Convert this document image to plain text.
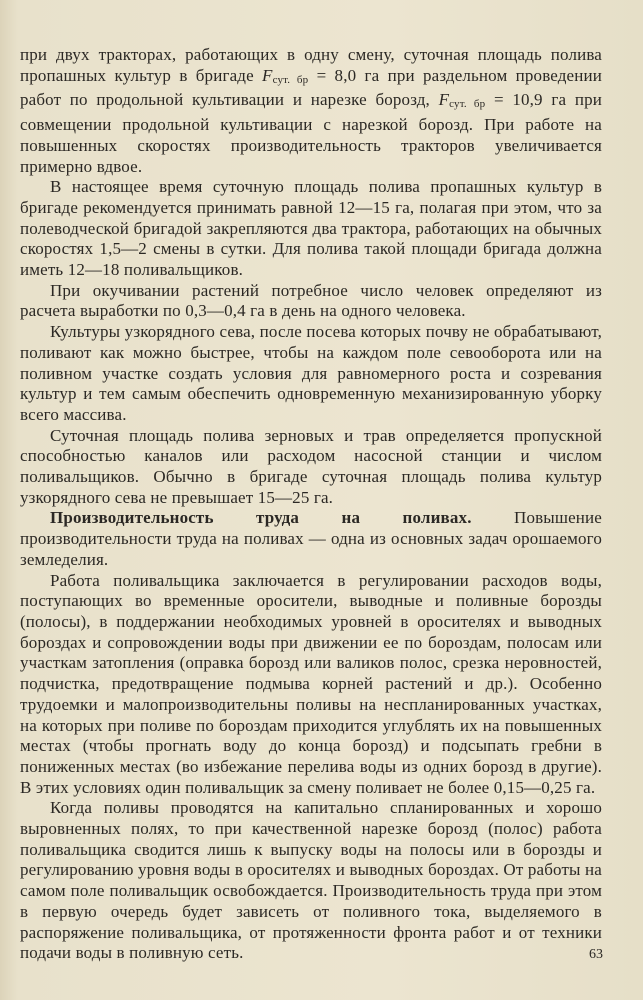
при двух тракторах, работающих в одну смену, суточная площадь полива пропашных культур в бригаде $F_{сут. бр} = 8,0$ га при раздельном проведении работ по продольной культивации и нарезке борозд, $F_{сут. бр} = 10,9$ га при совмещении продольной культивации с нарезкой борозд. При работе на повышенных скоростях производительность тракторов увеличивается примерно вдвое.

В настоящее время суточную площадь полива пропашных культур в бригаде рекомендуется принимать равной 12—15 га, полагая при этом, что за полеводческой бригадой закрепляются два трактора, работающих на обычных скоростях 1,5—2 смены в сутки. Для полива такой площади бригада должна иметь 12—18 поливальщиков.

При окучивании растений потребное число человек определяют из расчета выработки по 0,3—0,4 га в день на одного человека.

Культуры узкорядного сева, после посева которых почву не обрабатывают, поливают как можно быстрее, чтобы на каждом поле севооборота или на поливном участке создать условия для равномерного роста и созревания культур и тем самым обеспечить одновременную механизированную уборку всего массива.

Суточная площадь полива зерновых и трав определяется пропускной способностью каналов или расходом насосной станции и числом поливальщиков. Обычно в бригаде суточная площадь полива культур узкорядного сева не превышает 15—25 га.

Производительность труда на поливах. Повышение производительности труда на поливах — одна из основных задач орошаемого земледелия.

Работа поливальщика заключается в регулировании расходов воды, поступающих во временные оросители, выводные и поливные борозды (полосы), в поддержании необходимых уровней в оросителях и выводных бороздах и сопровождении воды при движении ее по бороздам, полосам или участкам затопления (оправка борозд или валиков полос, срезка неровностей, подчистка, предотвращение подмыва корней растений и др.). Особенно трудоемки и малопроизводительны поливы на неспланированных участках, на которых при поливе по бороздам приходится углублять их на повышенных местах (чтобы прогнать воду до конца борозд) и подсыпать гребни в пониженных местах (во избежание перелива воды из одних борозд в другие). В этих условиях один поливальщик за смену поливает не более 0,15—0,25 га.

Когда поливы проводятся на капитально спланированных и хорошо выровненных полях, то при качественной нарезке борозд (полос) работа поливальщика сводится лишь к выпуску воды на полосы или в борозды и регулированию уровня воды в оросителях и выводных бороздах. От работы на самом поле поливальщик освобождается. Производительность труда при этом в первую очередь будет зависеть от поливного тока, выделяемого в распоряжение поливальщика, от протяженности фронта работ и от техники подачи воды в поливную сеть.	63
